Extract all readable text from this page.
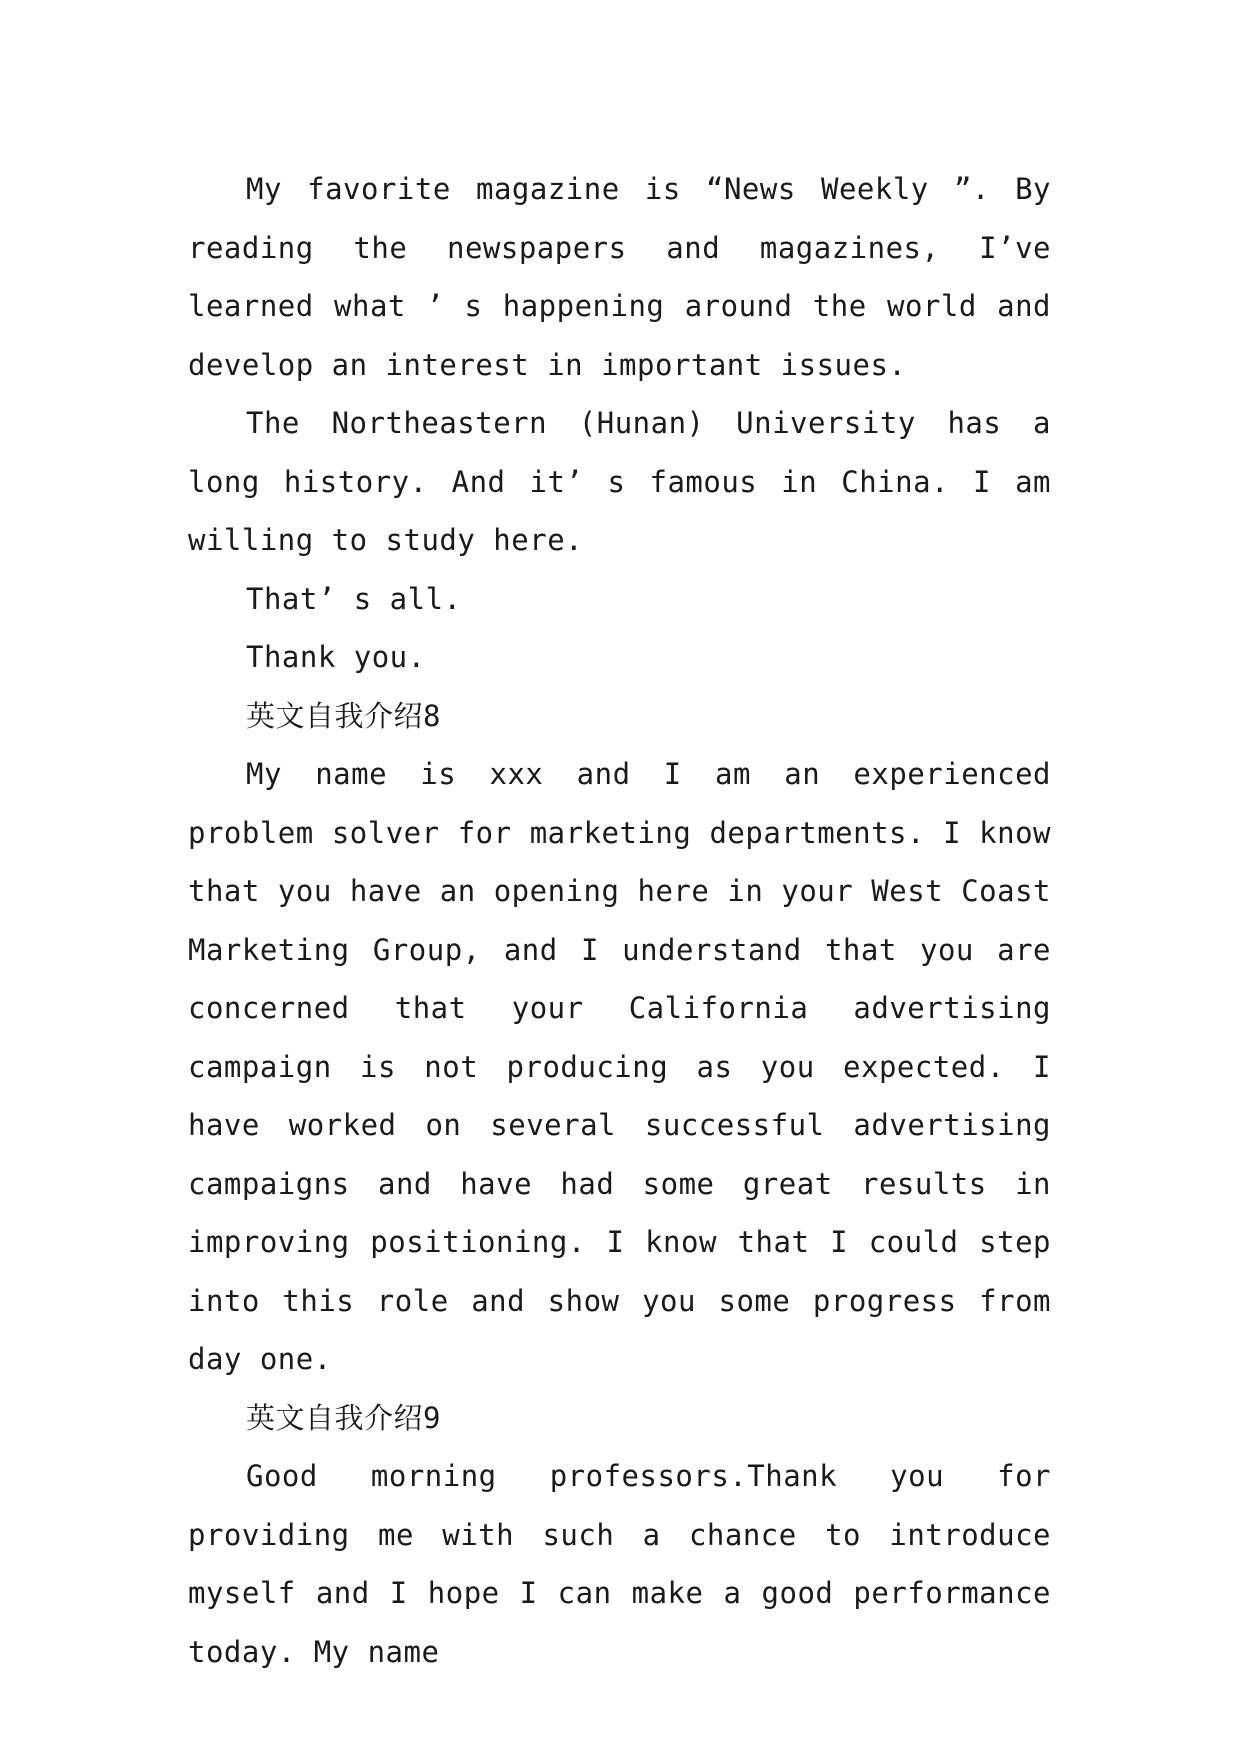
My favorite magazine is “News Weekly ”. By reading the newspapers and magazines, I’ve learned what ’ s happening around the world and develop an interest in important issues.

The Northeastern (Hunan) University has a long history. And it’ s famous in China. I am willing to study here.

That’ s all.

Thank you.

英文自我介绍8

My name is xxx and I am an experienced problem solver for marketing departments. I know that you have an opening here in your West Coast Marketing Group, and I understand that you are concerned that your California advertising campaign is not producing as you expected. I have worked on several successful advertising campaigns and have had some great results in improving positioning. I know that I could step into this role and show you some progress from day one.

英文自我介绍9

Good morning professors.Thank you for providing me with such a chance to introduce myself and I hope I can make a good performance today. My name
